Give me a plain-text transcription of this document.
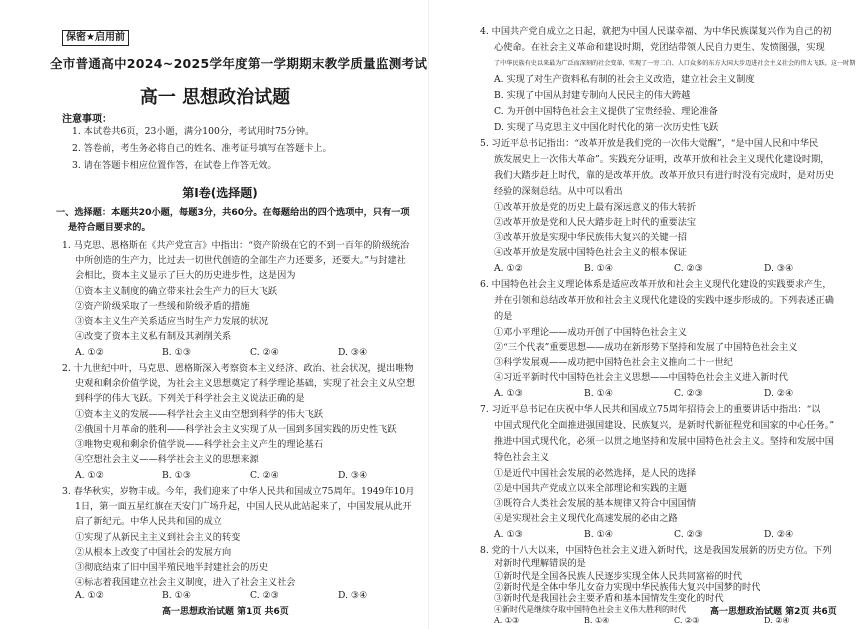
保密★启用前
全市普通高中2024~2025学年度第一学期期末教学质量监测考试
高一 思想政治试题
注意事项：
1. 本试卷共6页，23小题，满分100分，考试用时75分钟。
2. 答卷前，考生务必将自己的姓名、准考证号填写在答题卡上。
3. 请在答题卡相应位置作答，在试卷上作答无效。
第Ⅰ卷(选择题)
一、选择题：本题共20小题，每题3分，共60分。在每题给出的四个选项中，只有一项
是符合题目要求的。
1. 马克思、恩格斯在《共产党宣言》中指出：“资产阶级在它的不到一百年的阶级统治
中所创造的生产力，比过去一切世代创造的全部生产力还要多，还要大。”与封建社
会相比，资本主义显示了巨大的历史进步性，这是因为
①资本主义制度的确立带来社会生产力的巨大飞跃
②资产阶级采取了一些缓和阶级矛盾的措施
③资本主义生产关系适应当时生产力发展的状况
④改变了资本主义私有制及其剥削关系
A. ①②	B. ①③	C. ②④	D. ③④
2. 十九世纪中叶，马克思、恩格斯深入考察资本主义经济、政治、社会状况，提出唯物
史观和剩余价值学说，为社会主义思想奠定了科学理论基础，实现了社会主义从空想
到科学的伟大飞跃。下列关于科学社会主义说法正确的是
①资本主义的发展——科学社会主义由空想到科学的伟大飞跃
②俄国十月革命的胜利——科学社会主义实现了从一国到多国实践的历史性飞跃
③唯物史观和剩余价值学说——科学社会主义产生的理论基石
④空想社会主义——科学社会主义的思想来源
A. ①②	B. ①③	C. ②④	D. ③④
3. 春华秋实，岁物丰成。今年，我们迎来了中华人民共和国成立75周年。1949年10月
1日，第一面五星红旗在天安门广场升起，中国人民从此站起来了，中国发展从此开
启了新纪元。中华人民共和国的成立
①实现了从新民主主义到社会主义的转变
②从根本上改变了中国社会的发展方向
③彻底结束了旧中国半殖民地半封建社会的历史
④标志着我国建立社会主义制度，进入了社会主义社会
A. ①②	B. ①④	C. ②③	D. ③④
高一思想政治试题 第1页 共6页
4. 中国共产党自成立之日起，就把为中国人民谋幸福、为中华民族谋复兴作为自己的初
心使命。在社会主义革命和建设时期，党团结带领人民自力更生、发愤图强，实现
了中华民族有史以来最为广泛而深刻的社会变革，实现了一穷二白、人口众多的东方大国大步迈进社会主义社会的伟大飞跃。这一时期
A. 实现了对生产资料私有制的社会主义改造，建立社会主义制度
B. 实现了中国从封建专制向人民民主的伟大跨越
C. 为开创中国特色社会主义提供了宝贵经验、理论准备
D. 实现了马克思主义中国化时代化的第一次历史性飞跃
5. 习近平总书记指出：“改革开放是我们党的一次伟大觉醒”，“是中国人民和中华民
族发展史上一次伟大革命”。实践充分证明，改革开放和社会主义现代化建设时期，
我们大踏步赶上时代，靠的是改革开放。改革开放只有进行时没有完成时，是对历史
经验的深刻总结。从中可以看出
①改革开放是党的历史上最有深远意义的伟大转折
②改革开放是党和人民大踏步赶上时代的重要法宝
③改革开放是实现中华民族伟大复兴的关键一招
④改革开放是发展中国特色社会主义的根本保证
A. ①②	B. ①④	C. ②③	D. ③④
6. 中国特色社会主义理论体系是适应改革开放和社会主义现代化建设的实践要求产生，
并在引领和总结改革开放和社会主义现代化建设的实践中逐步形成的。下列表述正确
的是
①邓小平理论——成功开创了中国特色社会主义
②“三个代表”重要思想——成功在新形势下坚持和发展了中国特色社会主义
③科学发展观——成功把中国特色社会主义推向二十一世纪
④习近平新时代中国特色社会主义思想——中国特色社会主义进入新时代
A. ①③	B. ①④	C. ②③	D. ②④
7. 习近平总书记在庆祝中华人民共和国成立75周年招待会上的重要讲话中指出：“以
中国式现代化全面推进强国建设、民族复兴，是新时代新征程党和国家的中心任务。”
推进中国式现代化，必须一以贯之地坚持和发展中国特色社会主义。坚持和发展中国
特色社会主义
①是近代中国社会发展的必然选择，是人民的选择
②是中国共产党成立以来全部理论和实践的主题
③既符合人类社会发展的基本规律又符合中国国情
④是实现社会主义现代化高速发展的必由之路
A. ①③	B. ①④	C. ②③	D. ②④
8. 党的十八大以来，中国特色社会主义进入新时代，这是我国发展新的历史方位。下列
对新时代理解错误的是
①新时代是全国各民族人民逐步实现全体人民共同富裕的时代
②新时代是全体中华儿女奋力实现中华民族伟大复兴中国梦的时代
③新时代是我国社会主要矛盾和基本国情发生变化的时代
④新时代是继续夺取中国特色社会主义伟大胜利的时代
A. ①③	B. ①④	C. ②③	D. ②④
高一思想政治试题 第2页 共6页
